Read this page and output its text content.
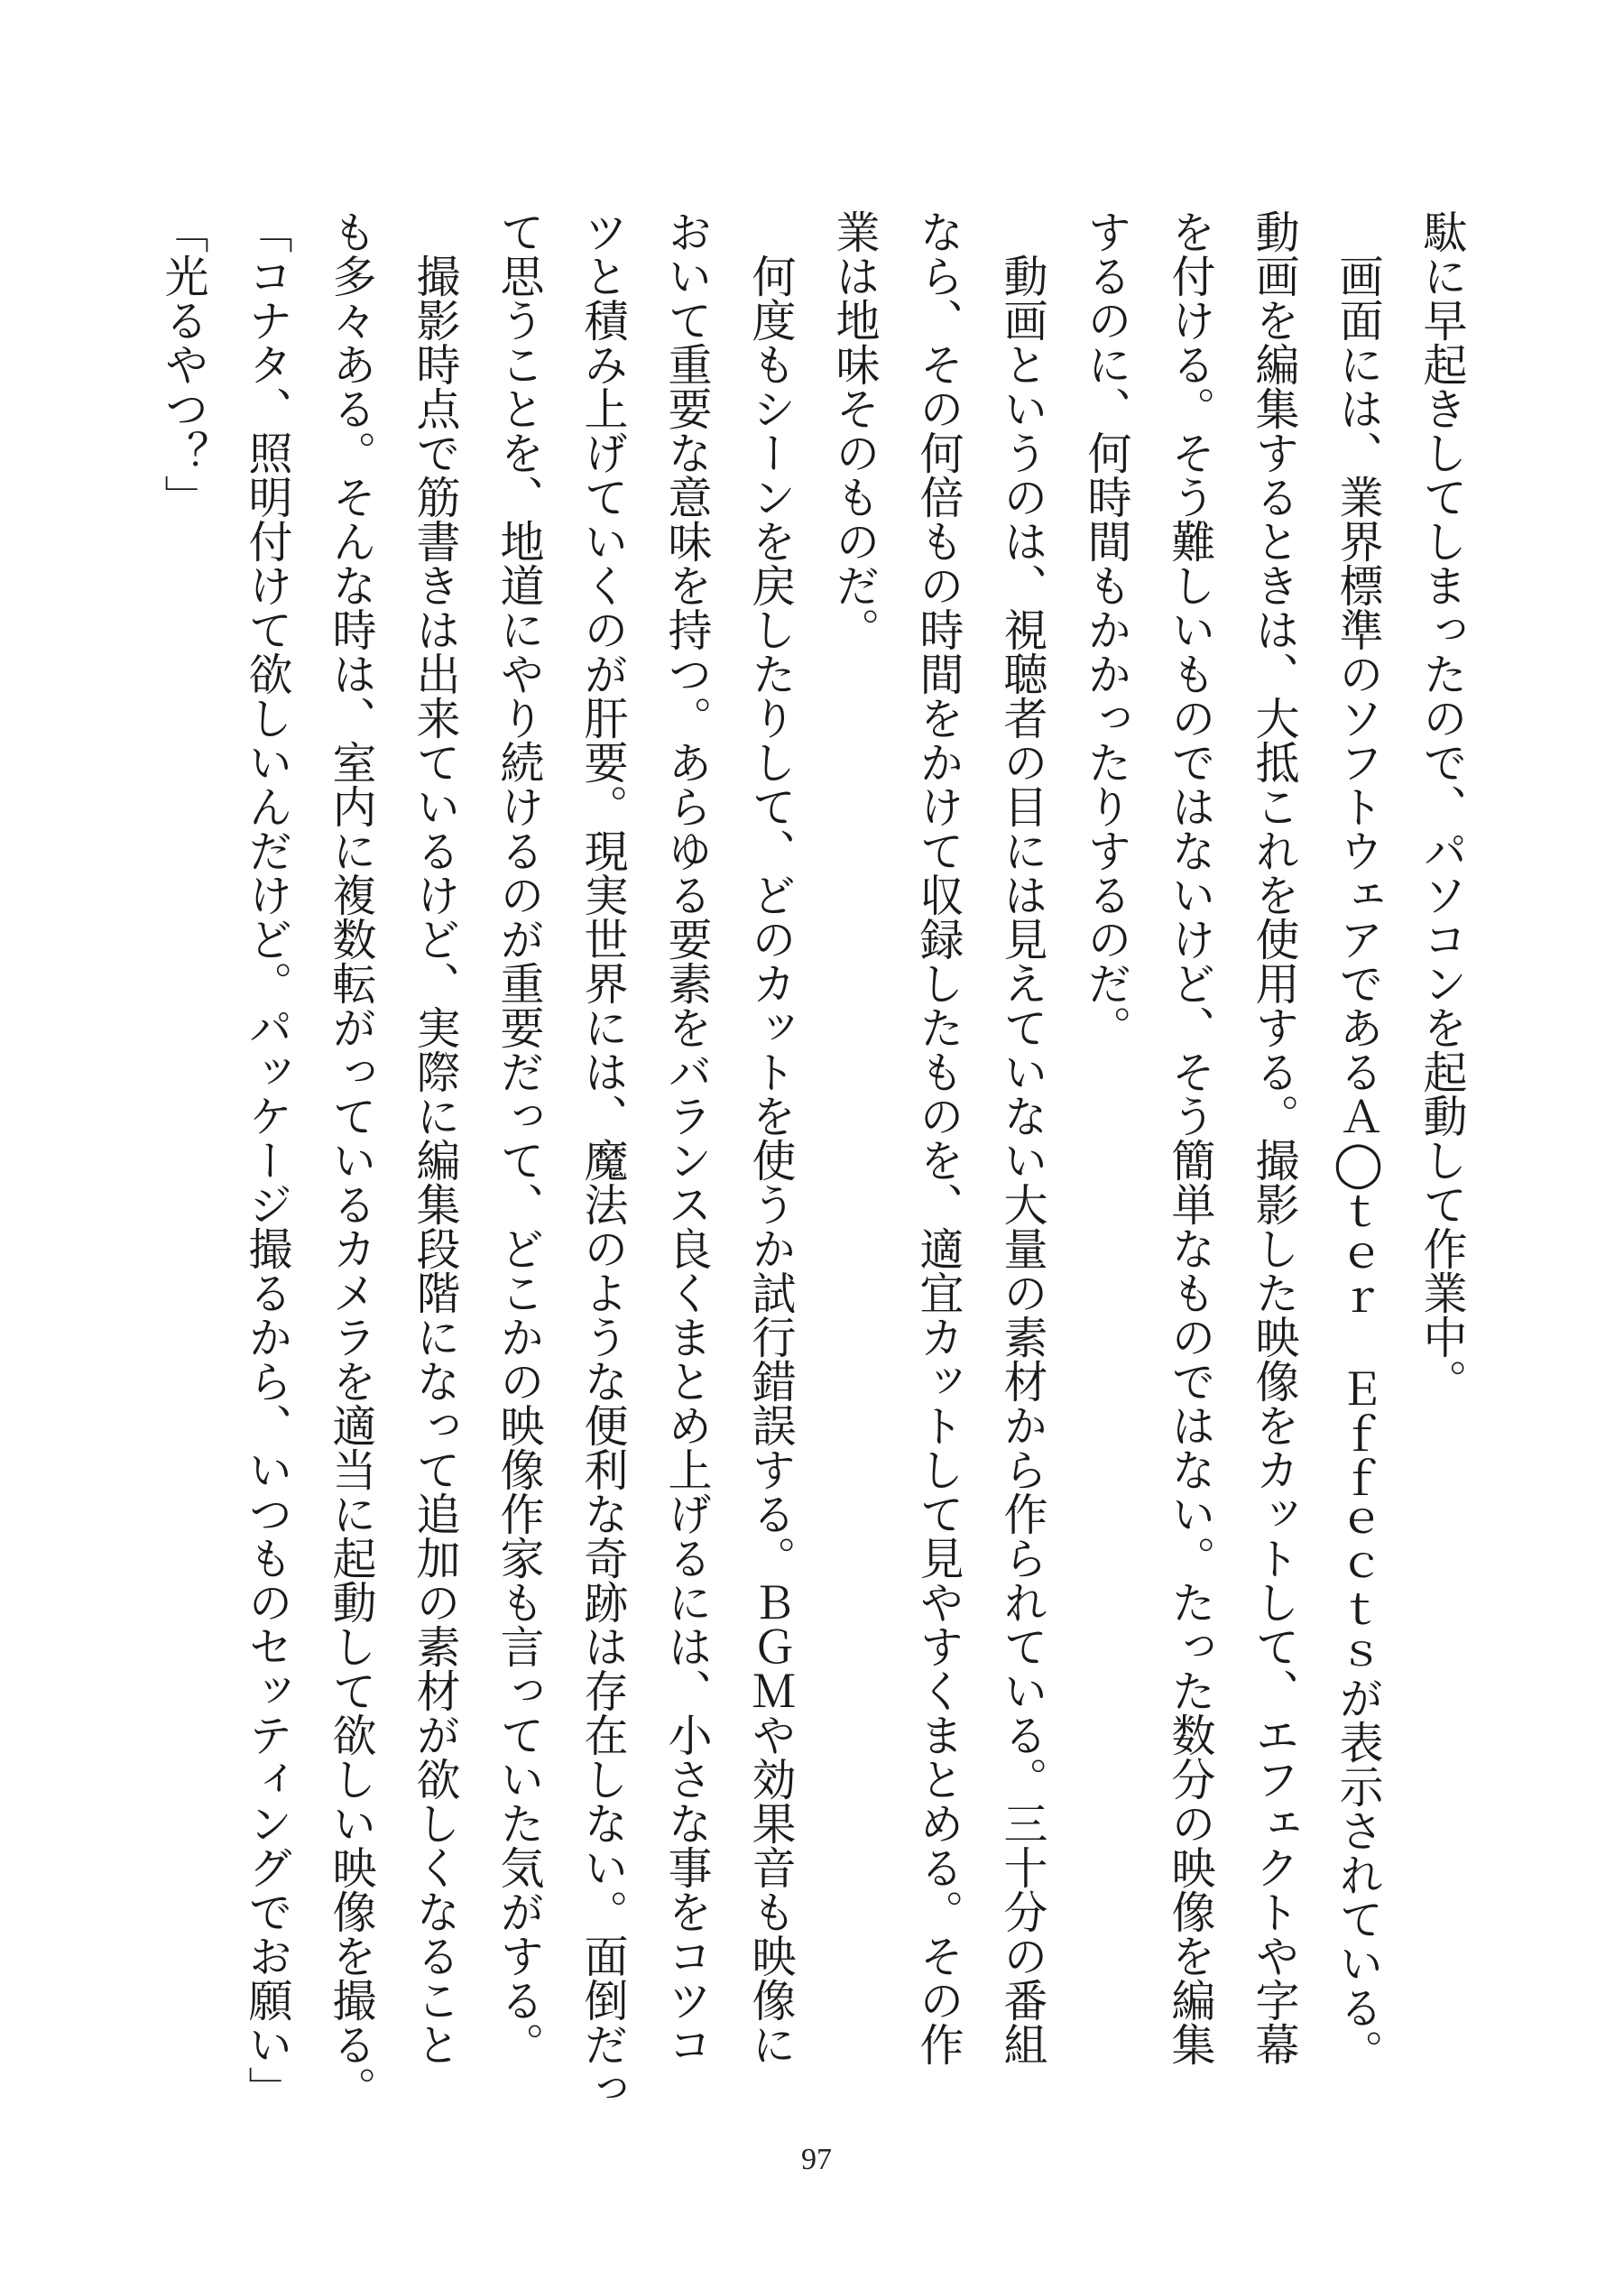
駄に早起きしてしまったので、パソコンを起動して作業中。
　画面には、業界標準のソフトウェアであるＡ◯ｔｅｒ　Ｅｆｆｅｃｔｓが表示されている。
動画を編集するときは、大抵これを使用する。撮影した映像をカットして、エフェクトや字幕
を付ける。そう難しいものではないけど、そう簡単なものではない。たった数分の映像を編集
するのに、何時間もかかったりするのだ。
　動画というのは、視聴者の目には見えていない大量の素材から作られている。三十分の番組
なら、その何倍もの時間をかけて収録したものを、適宜カットして見やすくまとめる。その作
業は地味そのものだ。
　何度もシーンを戻したりして、どのカットを使うか試行錯誤する。ＢＧＭや効果音も映像に
おいて重要な意味を持つ。あらゆる要素をバランス良くまとめ上げるには、小さな事をコツコ
ツと積み上げていくのが肝要。現実世界には、魔法のような便利な奇跡は存在しない。面倒だっ
て思うことを、地道にやり続けるのが重要だって、どこかの映像作家も言っていた気がする。
　撮影時点で筋書きは出来ているけど、実際に編集段階になって追加の素材が欲しくなること
も多々ある。そんな時は、室内に複数転がっているカメラを適当に起動して欲しい映像を撮る。
「コナタ、照明付けて欲しいんだけど。パッケージ撮るから、いつものセッティングでお願い」
「光るやつ？」
97
